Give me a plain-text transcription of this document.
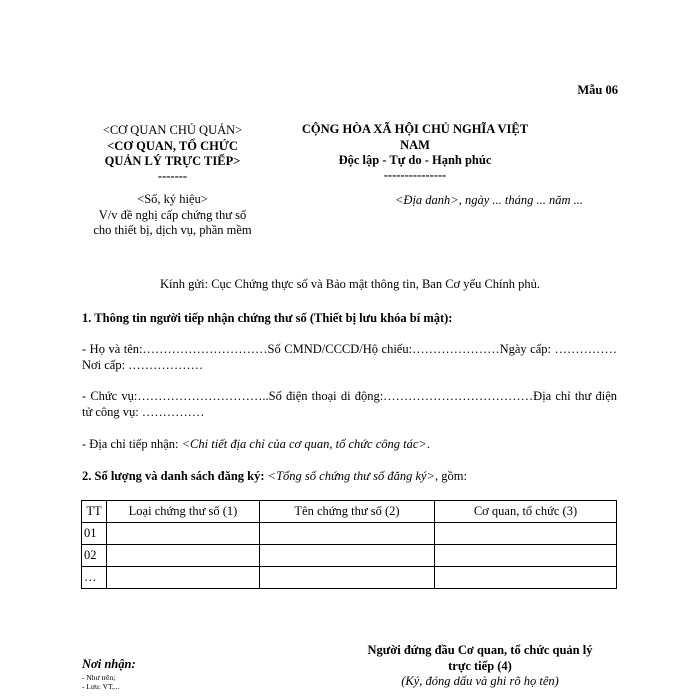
Mẫu 06
<CƠ QUAN CHỦ QUẢN>
<CƠ QUAN, TỔ CHỨC
QUẢN LÝ TRỰC TIẾP>
-------
CỘNG HÒA XÃ HỘI CHỦ NGHĨA VIỆT NAM
Độc lập - Tự do - Hạnh phúc
---------------
<Số, ký hiệu>
V/v đề nghị cấp chứng thư số
cho thiết bị, dịch vụ, phần mềm
<Địa danh>, ngày ... tháng ... năm ...
Kính gửi: Cục Chứng thực số và Bảo mật thông tin, Ban Cơ yếu Chính phủ.
1. Thông tin người tiếp nhận chứng thư số (Thiết bị lưu khóa bí mật):
- Họ và tên:…………………………Số CMND/CCCD/Hộ chiếu:…………………Ngày cấp: ……………Nơi cấp: ………………
- Chức vụ:…………………………..Số điện thoại di động:………………………………Địa chỉ thư điện tử công vụ: ……………
- Địa chỉ tiếp nhận: <Chi tiết địa chỉ của cơ quan, tổ chức công tác>.
2. Số lượng và danh sách đăng ký: <Tổng số chứng thư số đăng ký>, gồm:
TT	Loại chứng thư số (1)	Tên chứng thư số (2)	Cơ quan, tổ chức (3)
01			
02			
…			
Người đứng đầu Cơ quan, tổ chức quản lý
trực tiếp (4)
(Ký, đóng dấu và ghi rõ họ tên)
Nơi nhận:
- Như trên;
- Lưu: VT,...
